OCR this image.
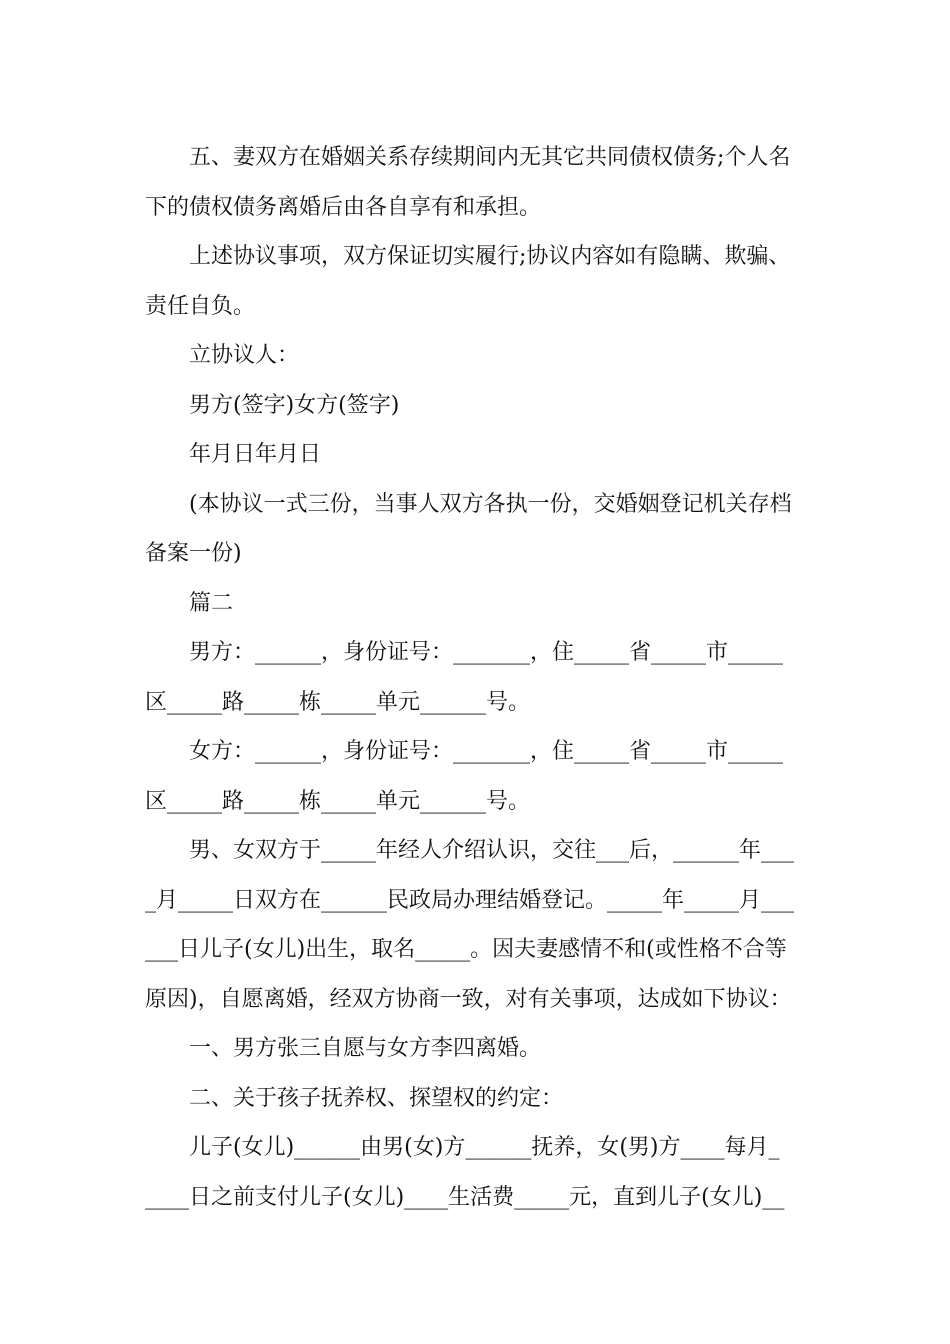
五、妻双方在婚姻关系存续期间内无其它共同债权债务;个人名
下的债权债务离婚后由各自享有和承担。
上述协议事项，双方保证切实履行;协议内容如有隐瞒、欺骗、
责任自负。
立协议人：
男方(签字)女方(签字)
年月日年月日
(本协议一式三份，当事人双方各执一份，交婚姻登记机关存档
备案一份)
篇二
男方：______，身份证号：_______，住_____省_____市_____
区_____路_____栋_____单元______号。
女方：______，身份证号：_______，住_____省_____市_____
区_____路_____栋_____单元______号。
男、女双方于_____年经人介绍认识，交往___后，______年___
_月_____日双方在______民政局办理结婚登记。_____年_____月___
___日儿子(女儿)出生，取名_____。因夫妻感情不和(或性格不合等
原因)，自愿离婚，经双方协商一致，对有关事项，达成如下协议：
一、男方张三自愿与女方李四离婚。
二、关于孩子抚养权、探望权的约定：
儿子(女儿)______由男(女)方______抚养，女(男)方____每月_
____日之前支付儿子(女儿)____生活费_____元，直到儿子(女儿)__
